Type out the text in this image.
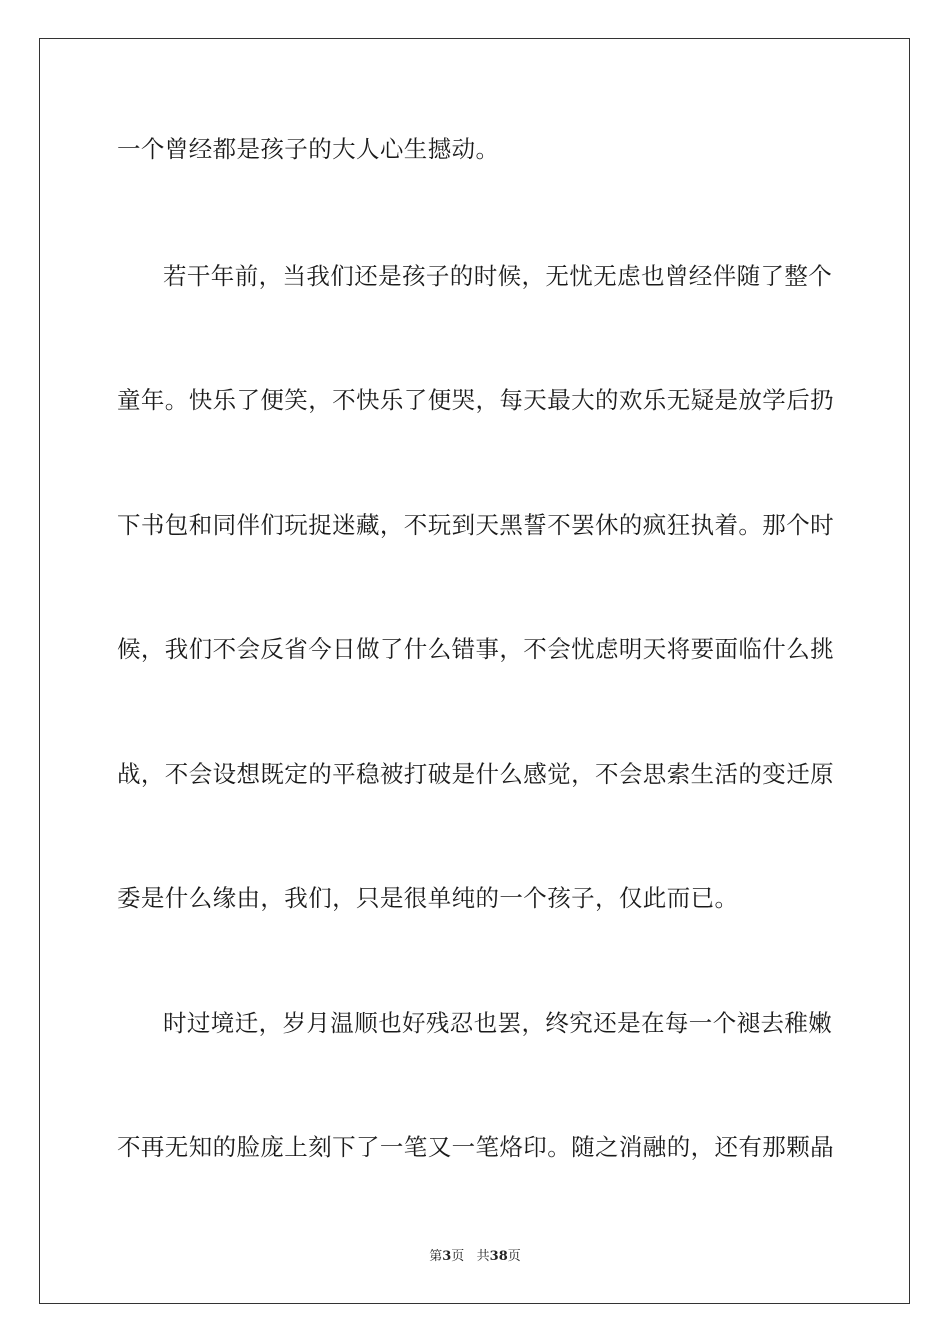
一个曾经都是孩子的大人心生撼动。
若干年前，当我们还是孩子的时候，无忧无虑也曾经伴随了整个
童年。快乐了便笑，不快乐了便哭，每天最大的欢乐无疑是放学后扔
下书包和同伴们玩捉迷藏，不玩到天黑誓不罢休的疯狂执着。那个时
候，我们不会反省今日做了什么错事，不会忧虑明天将要面临什么挑
战，不会设想既定的平稳被打破是什么感觉，不会思索生活的变迁原
委是什么缘由，我们，只是很单纯的一个孩子，仅此而已。
时过境迁，岁月温顺也好残忍也罢，终究还是在每一个褪去稚嫩
不再无知的脸庞上刻下了一笔又一笔烙印。随之消融的，还有那颗晶
第3页   共38页
